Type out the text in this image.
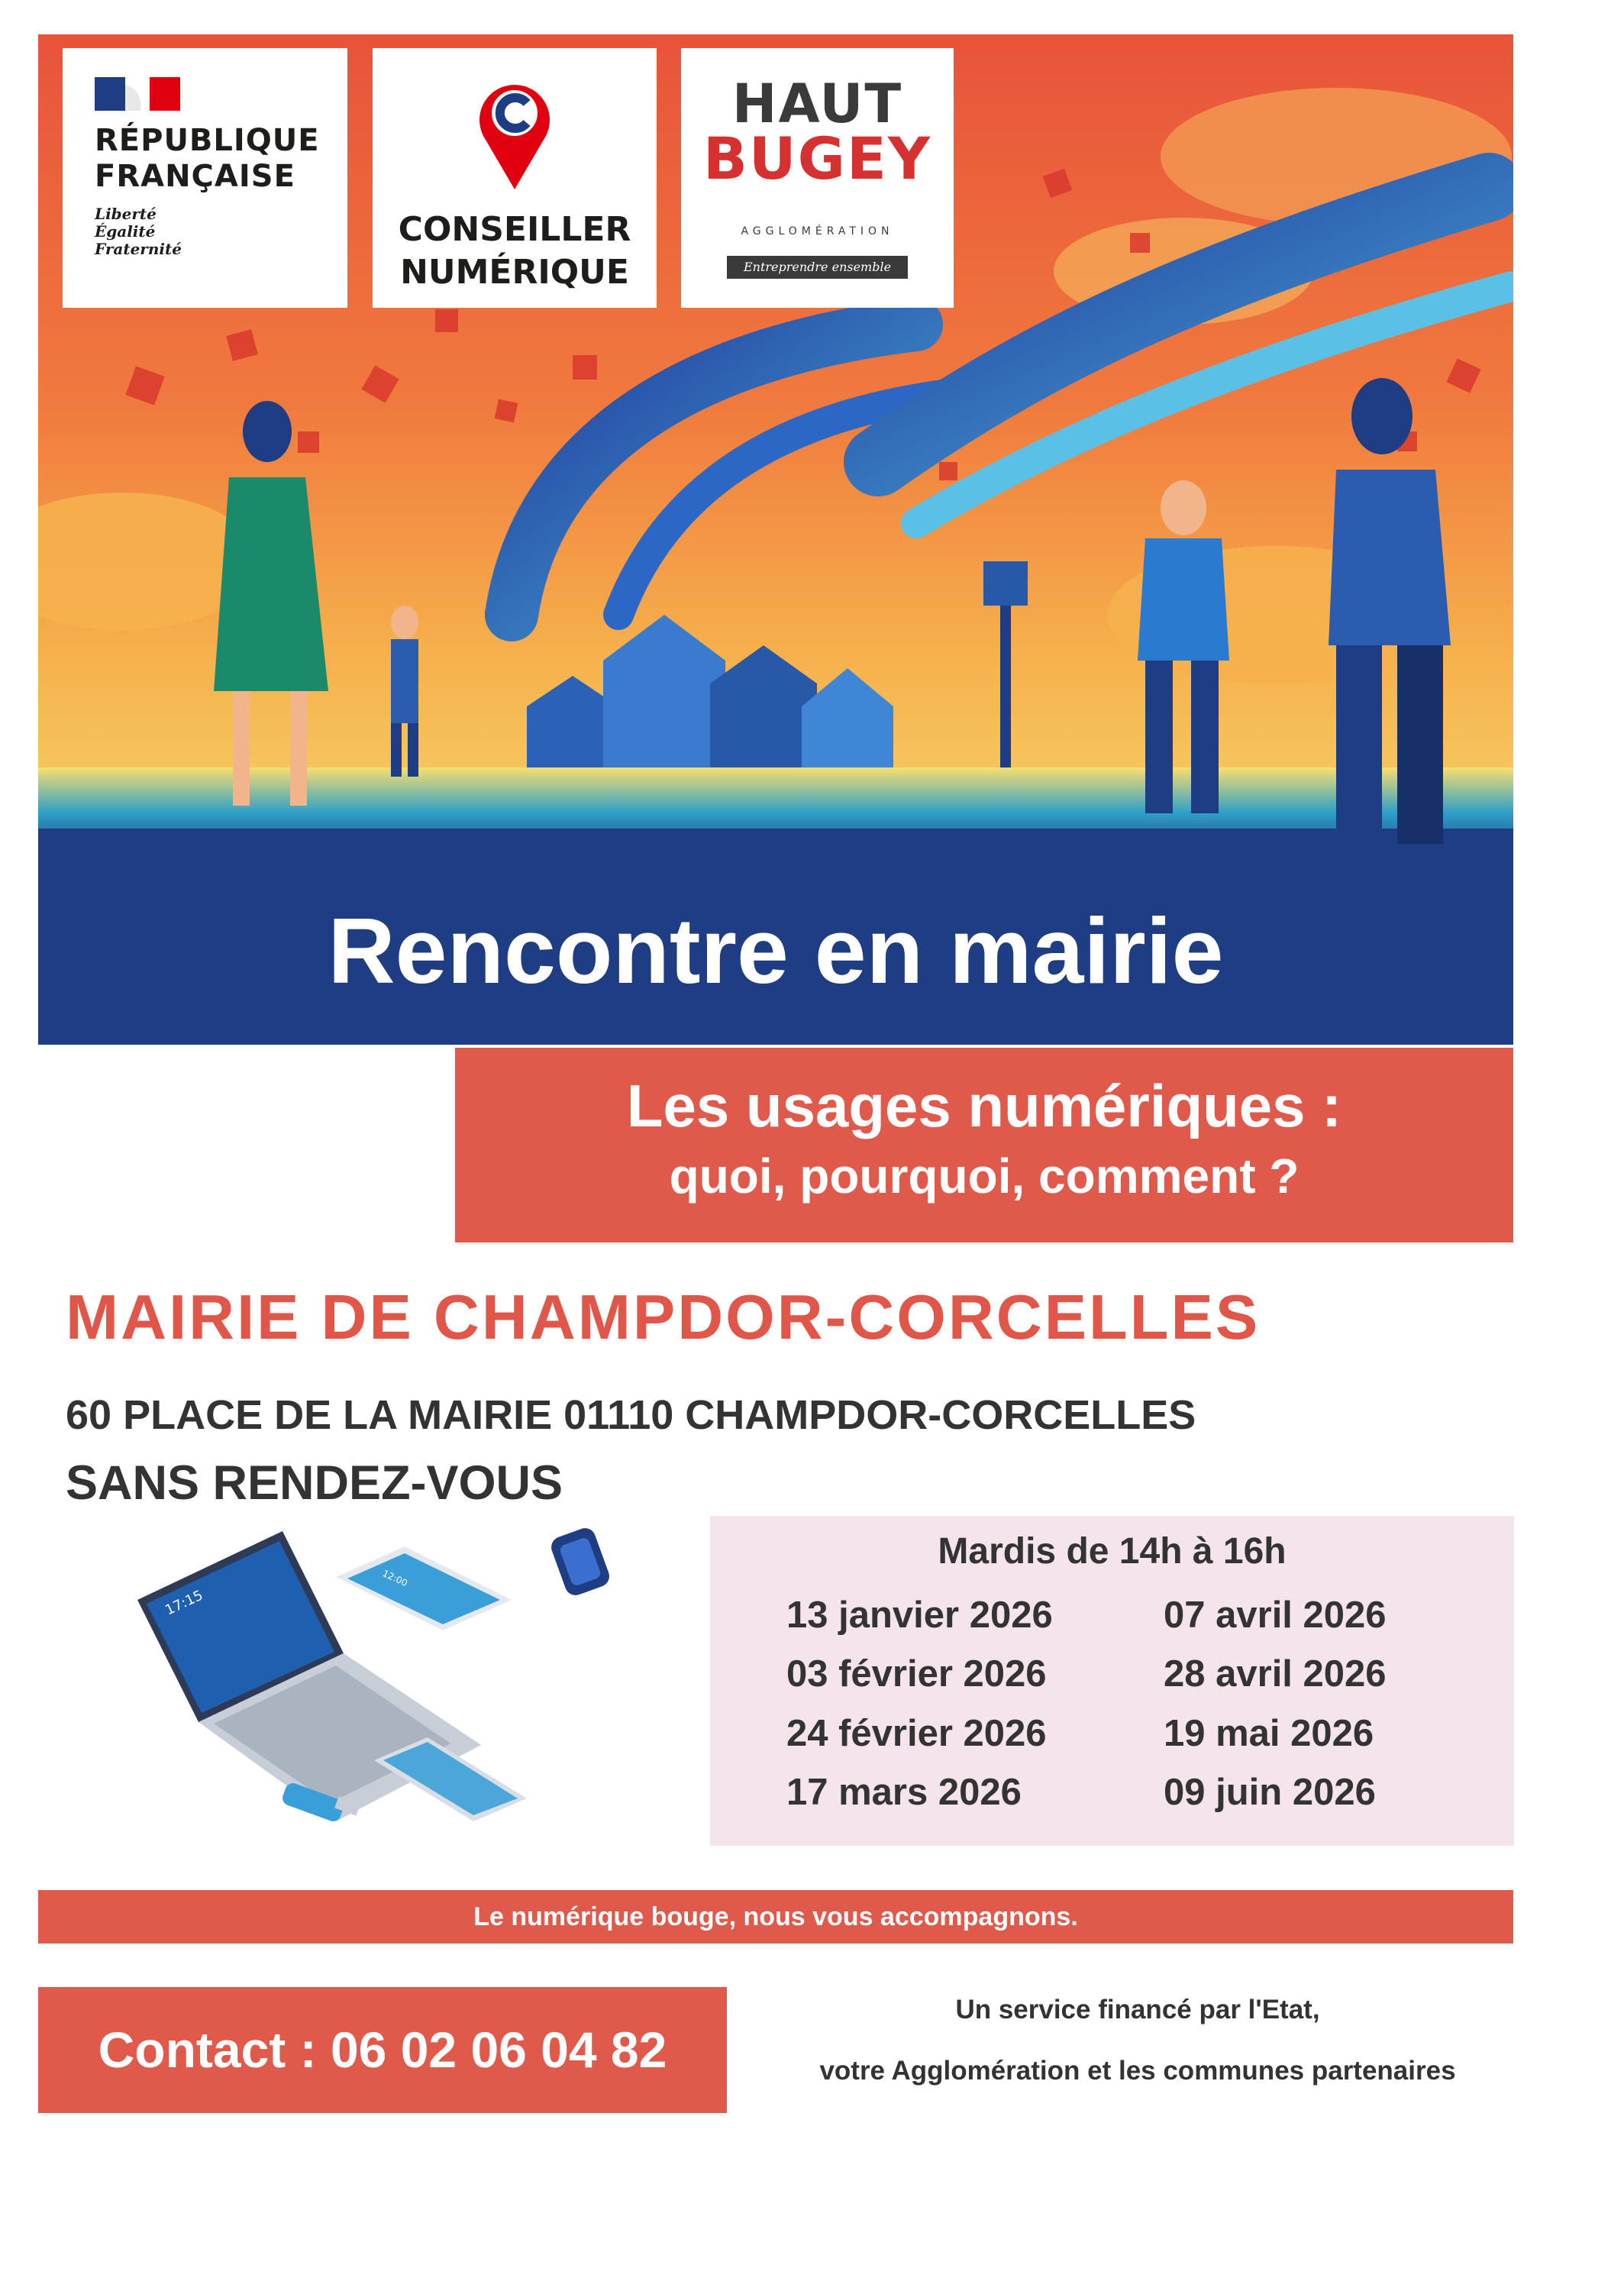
RÉPUBLIQUE
FRANÇAISE
Liberté
Égalité
Fraternité	CONSEILLER
NUMÉRIQUE
HAUT
BUGEY
AGGLOMÉRATION
Entreprendre ensemble
Rencontre en mairie
Les usages numériques :
quoi, pourquoi, comment ?
MAIRIE DE CHAMPDOR-CORCELLES
60 PLACE DE LA MAIRIE 01110 CHAMPDOR-CORCELLES
SANS RENDEZ-VOUS
17:15
12:00
Mardis de 14h à 16h
13 janvier 2026
03 février 2026
24 février 2026
17 mars 2026
07 avril 2026
28 avril 2026
19 mai 2026
09 juin 2026
Le numérique bouge, nous vous accompagnons.
Contact : 06 02 06 04 82
Un service financé par l'Etat,
votre Agglomération et les communes partenaires
